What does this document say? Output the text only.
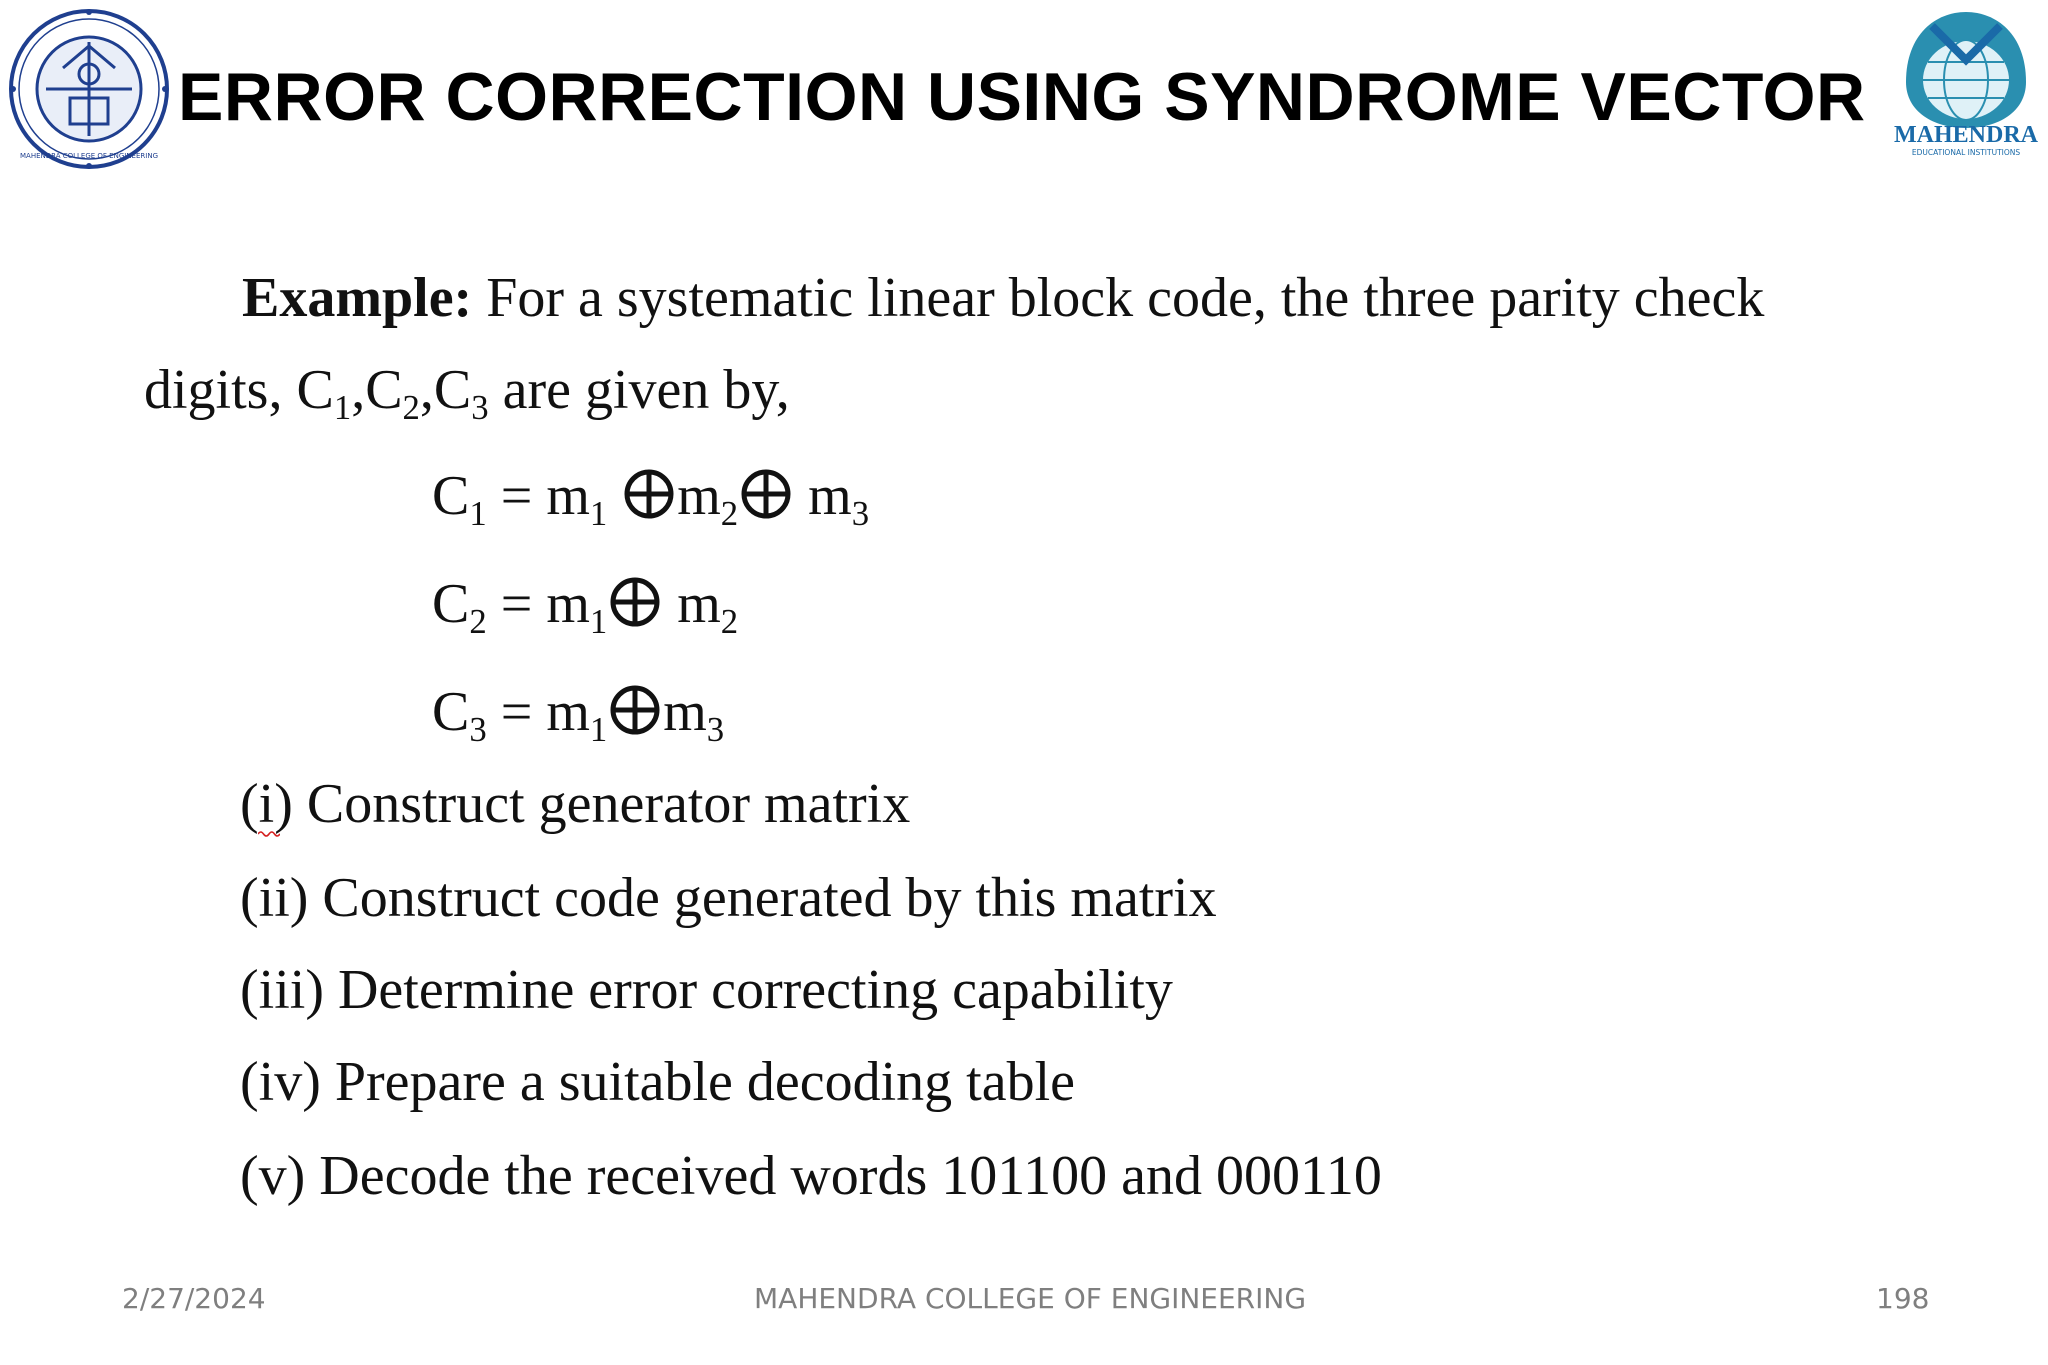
MAHENDRA COLLEGE OF ENGINEERING
ERROR CORRECTION USING SYNDROME VECTOR MAHENDRA
EDUCATIONAL INSTITUTIONS
Example: For a systematic linear block code, the three parity check
digits, $C_1,C_2,C_3$ are given by,
$C_1 = m_1$ $m_2$ $m_3$
$C_2 = m_1$ $m_2$
$C_3 = m_1$ $m_3$
(i) Construct generator matrix
(ii) Construct code generated by this matrix
(iii) Determine error correcting capability
(iv) Prepare a suitable decoding table
(v) Decode the received words 101100 and 000110
2/27/2024	MAHENDRA COLLEGE OF ENGINEERING	198
